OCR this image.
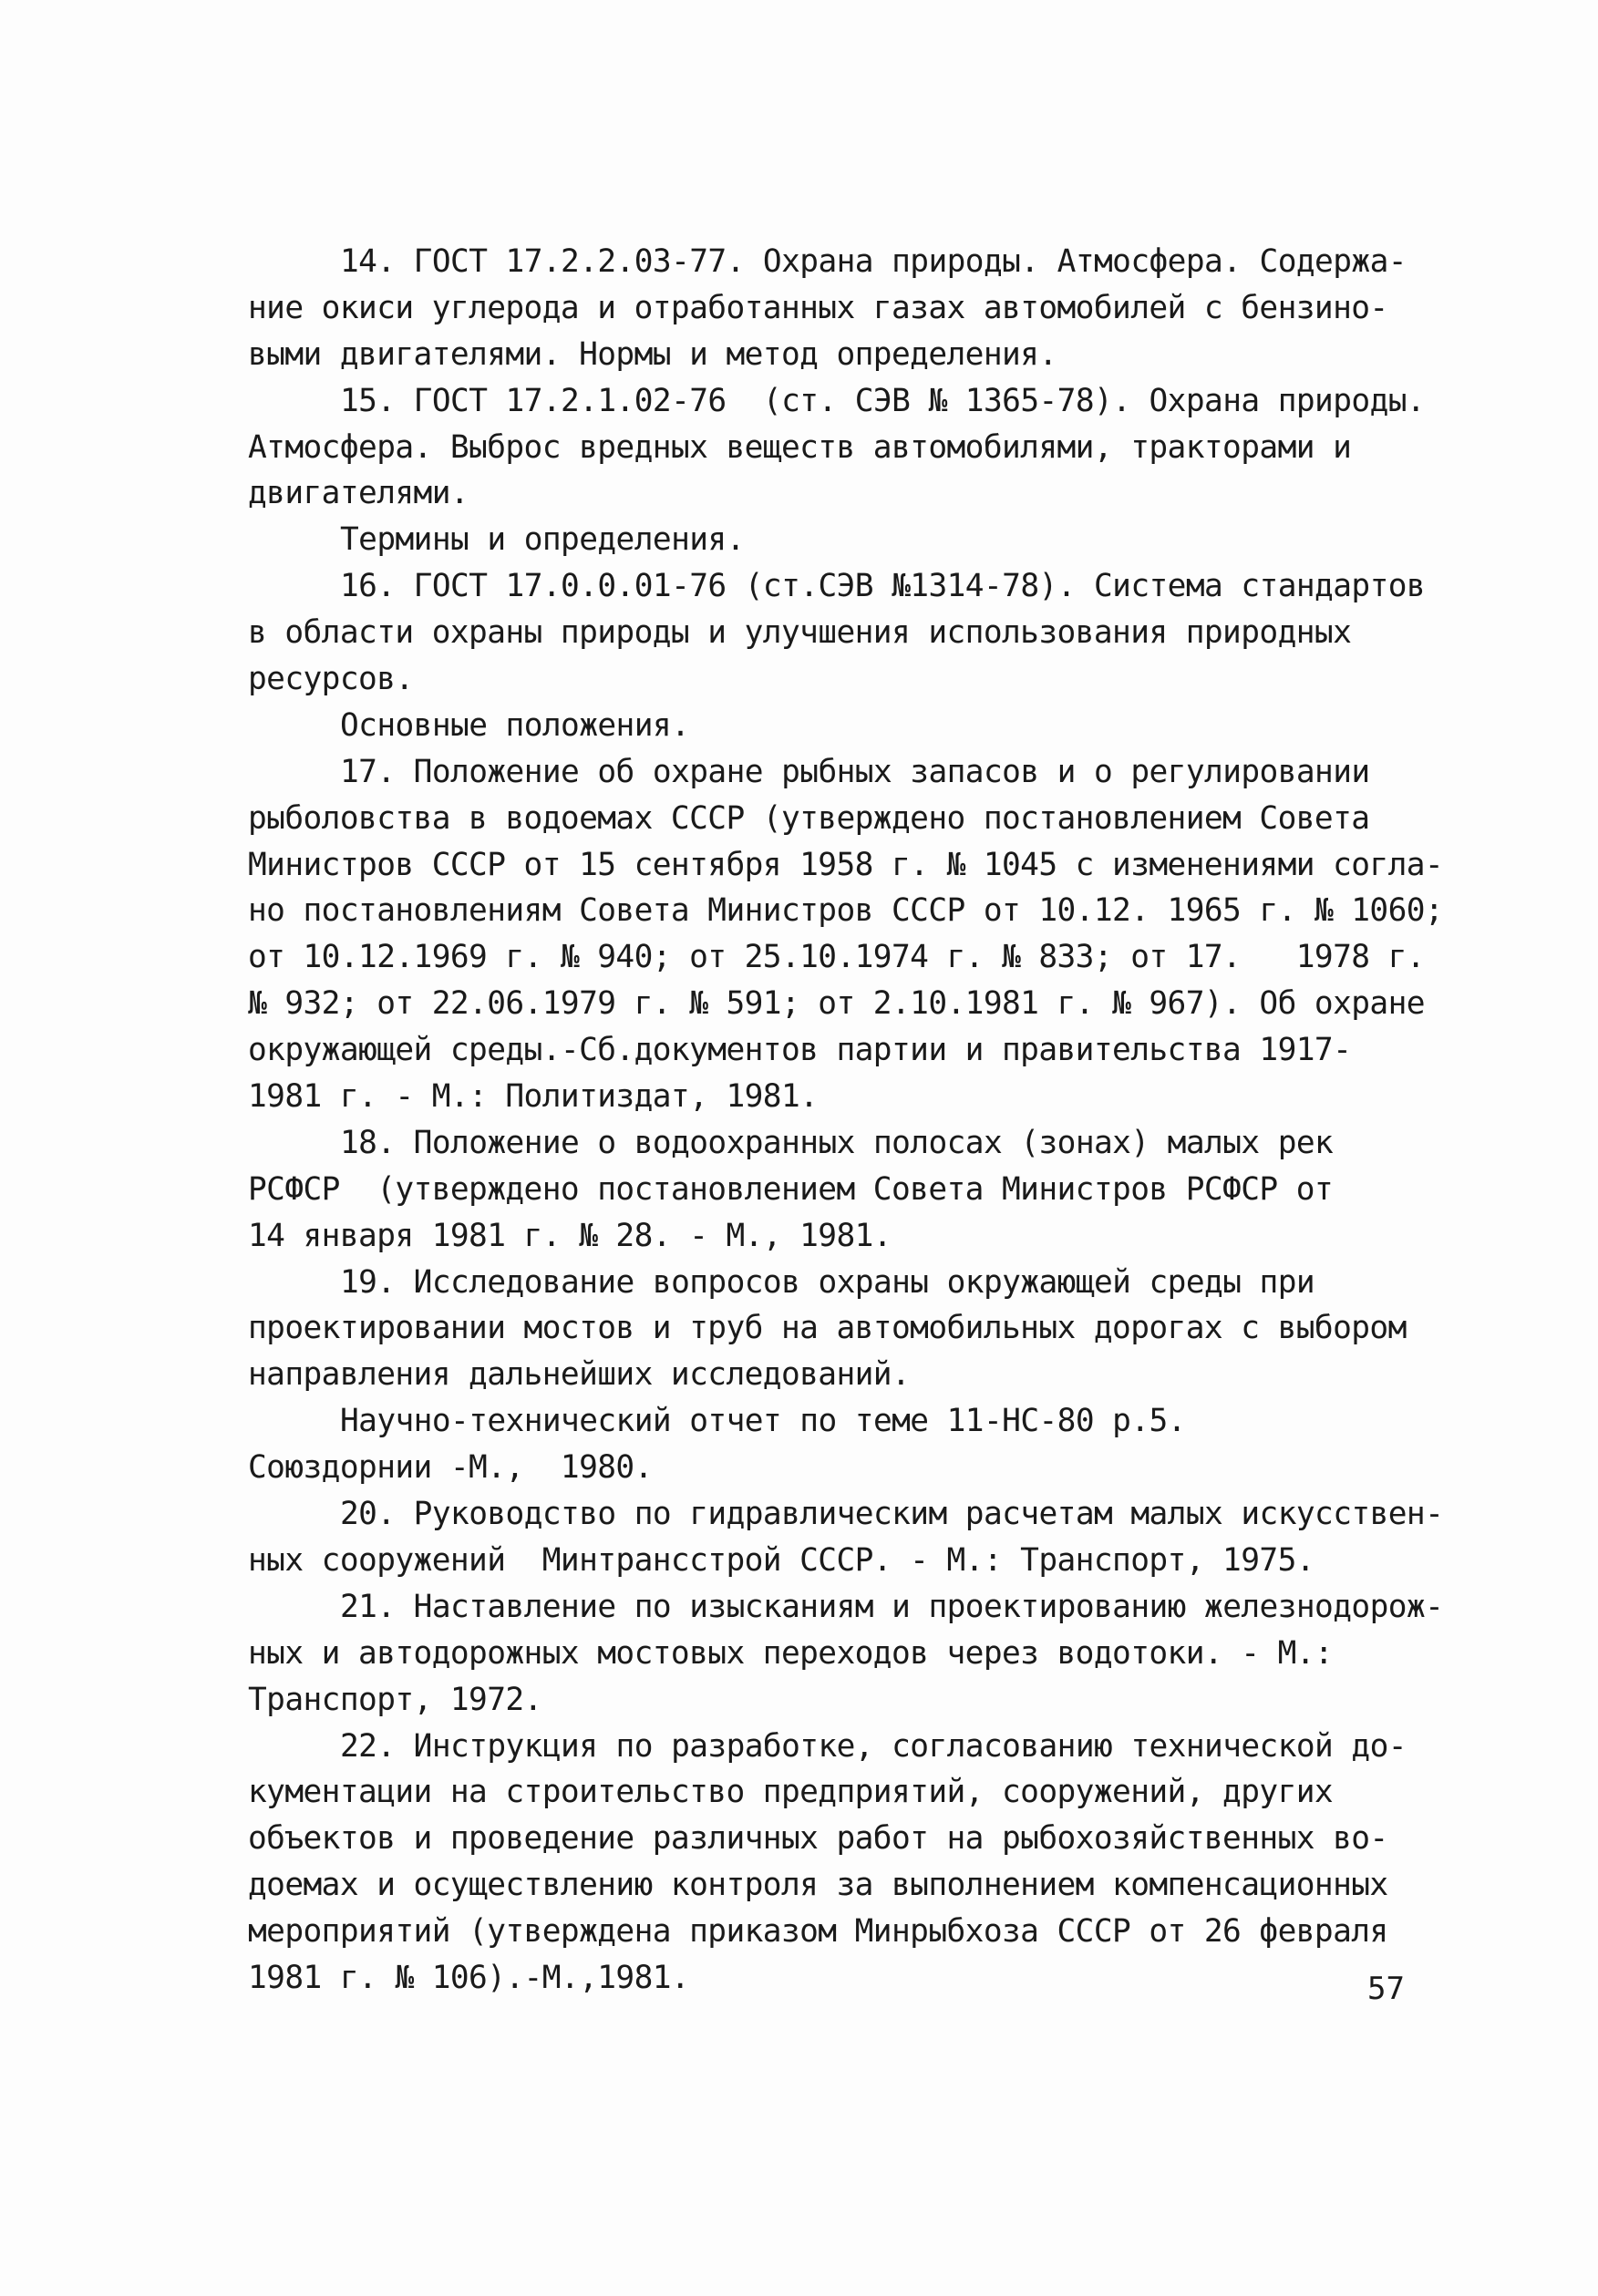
14. ГОСТ 17.2.2.03-77. Охрана природы. Атмосфера. Содержа-
ние окиси углерода и отработанных газах автомобилей с бензино-
выми двигателями. Нормы и метод определения.
15. ГОСТ 17.2.1.02-76  (ст. СЭВ № 1365-78). Охрана природы.
Атмосфера. Выброс вредных веществ автомобилями, тракторами и
двигателями.
Термины и определения.
16. ГОСТ 17.0.0.01-76 (ст.СЭВ №1314-78). Система стандартов
в области охраны природы и улучшения использования природных
ресурсов.
Основные положения.
17. Положение об охране рыбных запасов и о регулировании
рыболовства в водоемах СССР (утверждено постановлением Совета
Министров СССР от 15 сентября 1958 г. № 1045 с изменениями согла-
но постановлениям Совета Министров СССР от 10.12. 1965 г. № 1060;
от 10.12.1969 г. № 940; от 25.10.1974 г. № 833; от 17.   1978 г.
№ 932; от 22.06.1979 г. № 591; от 2.10.1981 г. № 967). Об охране
окружающей среды.-Сб.документов партии и правительства 1917-
1981 г. - М.: Политиздат, 1981.
18. Положение о водоохранных полосах (зонах) малых рек
РСФСР  (утверждено постановлением Совета Министров РСФСР от
14 января 1981 г. № 28. - М., 1981.
19. Исследование вопросов охраны окружающей среды при
проектировании мостов и труб на автомобильных дорогах с выбором
направления дальнейших исследований.
Научно-технический отчет по теме 11-НС-80 р.5.
Союздорнии -М.,  1980.
20. Руководство по гидравлическим расчетам малых искусствен-
ных сооружений  Минтрансстрой СССР. - М.: Транспорт, 1975.
21. Наставление по изысканиям и проектированию железнодорож-
ных и автодорожных мостовых переходов через водотоки. - М.:
Транспорт, 1972.
22. Инструкция по разработке, согласованию технической до-
кументации на строительство предприятий, сооружений, других
объектов и проведение различных работ на рыбохозяйственных во-
доемах и осуществлению контроля за выполнением компенсационных
мероприятий (утверждена приказом Минрыбхоза СССР от 26 февраля
1981 г. № 106).-М.,1981.	57
